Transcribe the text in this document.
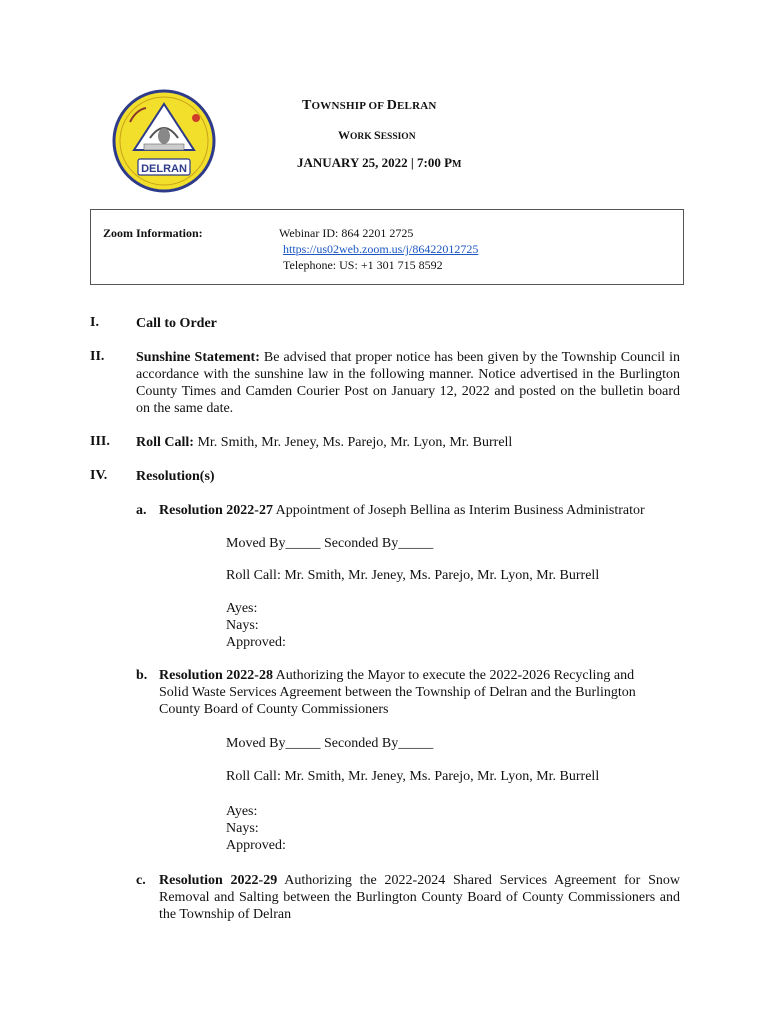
DELRAN
TOWNSHIP OF DELRAN
WORK SESSION
JANUARY 25, 2022 | 7:00 PM
Zoom Information:	Webinar ID: 864 2201 2725
https://us02web.zoom.us/j/86422012725
Telephone: US: +1 301 715 8592
I.	Call to Order
II. Sunshine Statement: Be advised that proper notice has been given by the Township Council in accordance with the sunshine law in the following manner. Notice advertised in the Burlington County Times and Camden Courier Post on January 12, 2022 and posted on the bulletin board on the same date.
III. Roll Call: Mr. Smith, Mr. Jeney, Ms. Parejo, Mr. Lyon, Mr. Burrell
IV. Resolution(s)
a. Resolution 2022-27 Appointment of Joseph Bellina as Interim Business Administrator
Moved By_____ Seconded By_____
Roll Call: Mr. Smith, Mr. Jeney, Ms. Parejo, Mr. Lyon, Mr. Burrell
Ayes:
Nays:
Approved:
b. Resolution 2022-28 Authorizing the Mayor to execute the 2022-2026 Recycling and Solid Waste Services Agreement between the Township of Delran and the Burlington County Board of County Commissioners
Moved By_____ Seconded By_____
Roll Call: Mr. Smith, Mr. Jeney, Ms. Parejo, Mr. Lyon, Mr. Burrell
Ayes:
Nays:
Approved:
c. Resolution 2022-29 Authorizing the 2022-2024 Shared Services Agreement for Snow Removal and Salting between the Burlington County Board of County Commissioners and the Township of Delran
